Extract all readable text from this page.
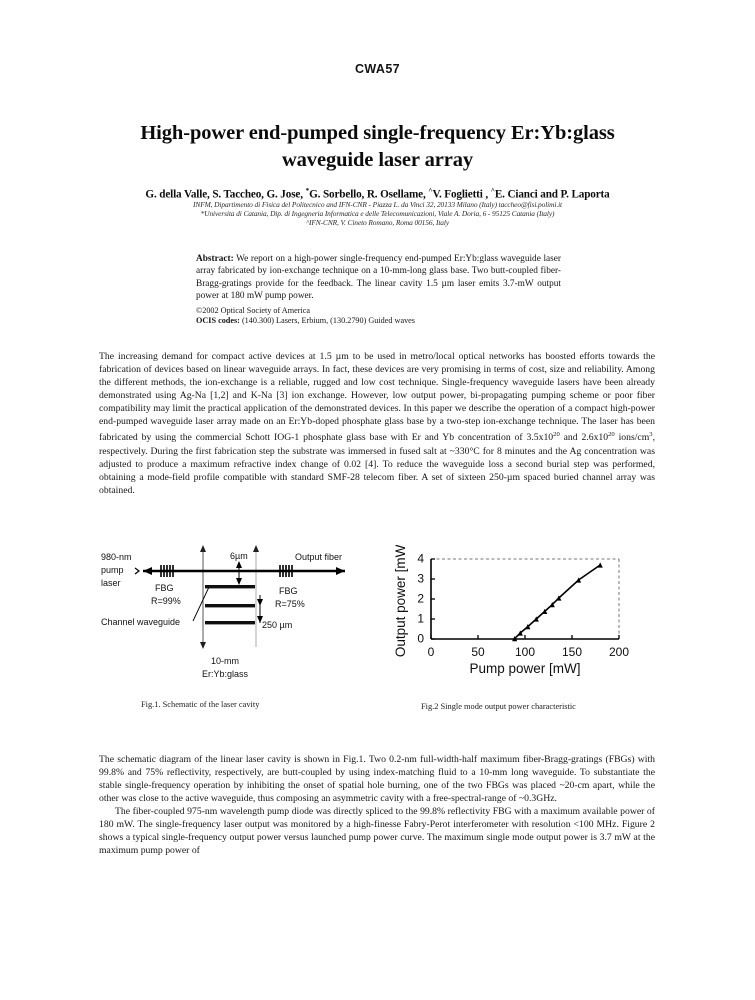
CWA57
High-power end-pumped single-frequency Er:Yb:glass
waveguide laser array
G. della Valle, S. Taccheo, G. Jose, *G. Sorbello, R. Osellame, ^V. Foglietti , ^E. Cianci and P. Laporta
INFM, Dipartimento di Fisica del Politecnico and IFN-CNR - Piazza L. da Vinci 32, 20133 Milano (Italy) taccheo@fisi.polimi.it
*Universita di Catania, Dip. di Ingegneria Informatica e delle Telecomunicazioni, Viale A. Doria, 6 - 95125 Catania (Italy)
^IFN-CNR, V. Cineto Romano, Roma 00156, Italy
Abstract: We report on a high-power single-frequency end-pumped Er:Yb:glass waveguide laser array fabricated by ion-exchange technique on a 10-mm-long glass base. Two butt-coupled fiber-Bragg-gratings provide for the feedback. The linear cavity 1.5 µm laser emits 3.7-mW output power at 180 mW pump power.
©2002 Optical Society of America
OCIS codes: (140.300) Lasers, Erbium, (130.2790) Guided waves

The increasing demand for compact active devices at 1.5 µm to be used in metro/local optical networks has boosted efforts towards the fabrication of devices based on linear waveguide arrays. In fact, these devices are very promising in terms of cost, size and reliability. Among the different methods, the ion-exchange is a reliable, rugged and low cost technique. Single-frequency waveguide lasers have been already demonstrated using Ag-Na [1,2] and K-Na [3] ion exchange. However, low output power, bi-propagating pumping scheme or poor fiber compatibility may limit the practical application of the demonstrated devices. In this paper we describe the operation of a compact high-power end-pumped waveguide laser array made on an Er:Yb-doped phosphate glass base by a two-step ion-exchange technique. The laser has been fabricated by using the commercial Schott IOG-1 phosphate glass base with Er and Yb concentration of $3.5x10^{20}$ and $2.6x10^{20}$ ions/$cm^3$, respectively. During the first fabrication step the substrate was immersed in fused salt at ~330°C for 8 minutes and the Ag concentration was adjusted to produce a maximum refractive index change of 0.02 [4]. To reduce the waveguide loss a second burial step was performed, obtaining a mode-field profile compatible with standard SMF-28 telecom fiber. A set of sixteen 250-µm spaced buried channel array was obtained.

980-nm
pump
laser
Output fiber
FBG
R=99%
FBG
R=75%
Channel waveguide
6µm
250 µm
10-mm
Er:Yb:glass
0
1
2
3
4
0	50	100 150 200
Pump power [mW]
Output power [mW]
Fig.1. Schematic of the laser cavity	Fig.2 Single mode output power characteristic

The schematic diagram of the linear laser cavity is shown in Fig.1. Two 0.2-nm full-width-half maximum fiber-Bragg-gratings (FBGs) with 99.8% and 75% reflectivity, respectively, are butt-coupled by using index-matching fluid to a 10-mm long waveguide. To substantiate the stable single-frequency operation by inhibiting the onset of spatial hole burning, one of the two FBGs was placed ~20-cm apart, while the other was close to the active waveguide, thus composing an asymmetric cavity with a free-spectral-range of ~0.3GHz.

The fiber-coupled 975-nm wavelength pump diode was directly spliced to the 99.8% reflectivity FBG with a maximum available power of 180 mW. The single-frequency laser output was monitored by a high-finesse Fabry-Perot interferometer with resolution <100 MHz. Figure 2 shows a typical single-frequency output power versus launched pump power curve. The maximum single mode output power is 3.7 mW at the maximum pump power of
